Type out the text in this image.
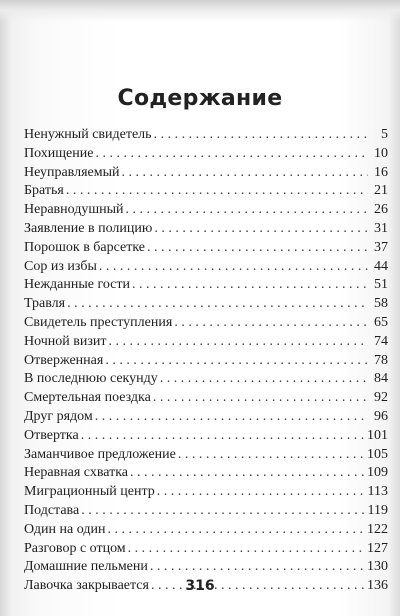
Содержание
Ненужный свидетель . . .	5
Похищение . . .	10
Неуправляемый . . .	16
Братья . . .	21
Неравнодушный . . .	26
Заявление в полицию . . .	31
Порошок в барсетке . . .	37
Сор из избы . . .	44
Нежданные гости . . .	51
Травля . . .	58
Свидетель преступления . . .	65
Ночной визит . . .	74
Отверженная . . .	78
В последнюю секунду . . .	84
Смертельная поездка . . .	92
Друг рядом . . .	96
Отвертка . . .	101
Заманчивое предложение . . .	105
Неравная схватка . . .	109
Миграционный центр . . .	113
Подстава . . .	119
Один на один . . .	122
Разговор с отцом . . .	127
Домашние пельмени . . .	130
Лавочка закрывается . . .	136
316
